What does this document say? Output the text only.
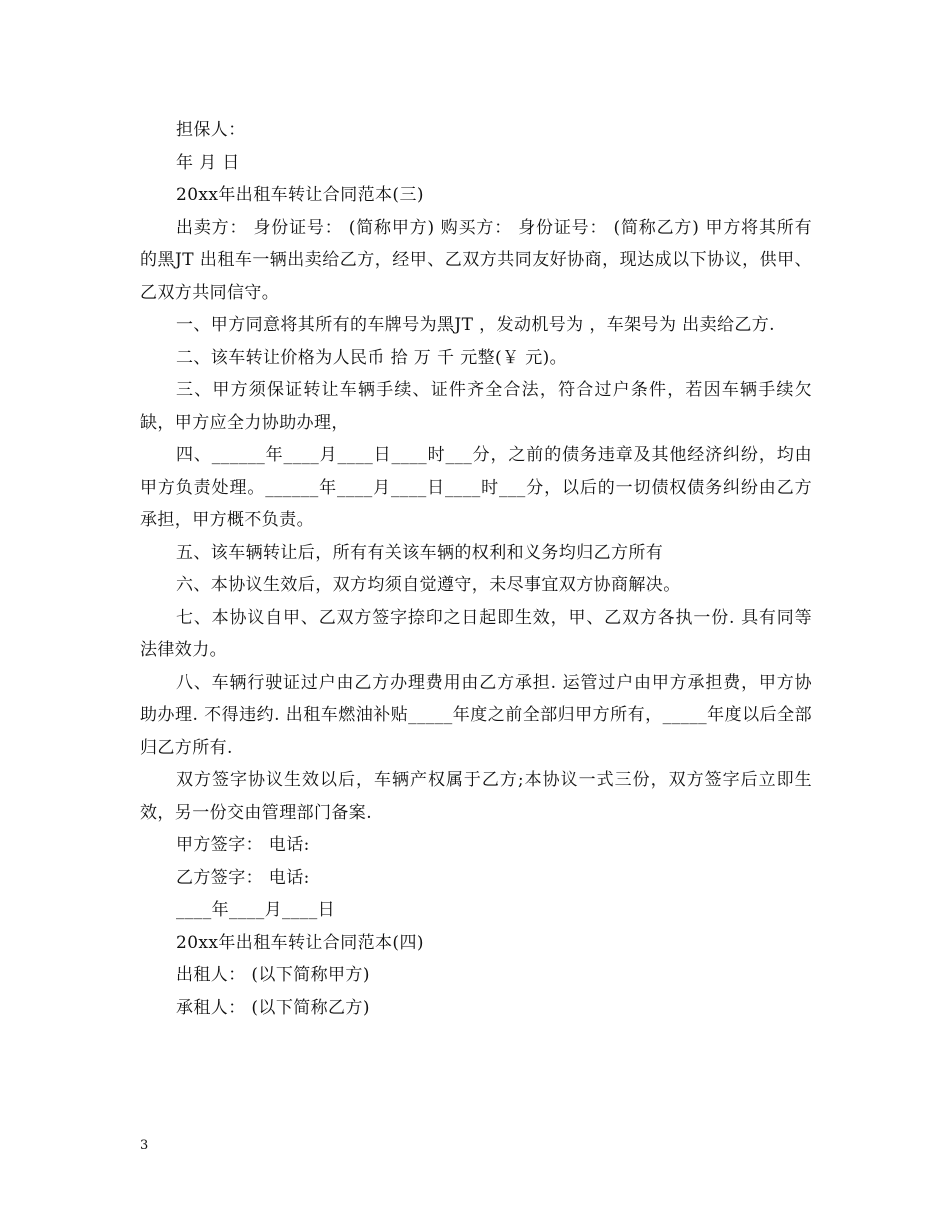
担保人：

年 月 日

20xx年出租车转让合同范本(三)

出卖方： 身份证号： (简称甲方) 购买方： 身份证号： (简称乙方) 甲方将其所有的黑JT 出租车一辆出卖给乙方，经甲、乙双方共同友好协商，现达成以下协议，供甲、乙双方共同信守。

一、甲方同意将其所有的车牌号为黑JT ，发动机号为 ，车架号为 出卖给乙方.

二、该车转让价格为人民币 拾 万 千 元整(￥ 元)。

三、甲方须保证转让车辆手续、证件齐全合法，符合过户条件，若因车辆手续欠缺，甲方应全力协助办理，

四、______年____月____日____时___分，之前的债务违章及其他经济纠纷，均由甲方负责处理。______年____月____日____时___分，以后的一切债权债务纠纷由乙方承担，甲方概不负责。

五、该车辆转让后，所有有关该车辆的权利和义务均归乙方所有

六、本协议生效后，双方均须自觉遵守，未尽事宜双方协商解决。

七、本协议自甲、乙双方签字捺印之日起即生效，甲、乙双方各执一份. 具有同等法律效力。

八、车辆行驶证过户由乙方办理费用由乙方承担. 运管过户由甲方承担费，甲方协助办理. 不得违约. 出租车燃油补贴_____年度之前全部归甲方所有，_____年度以后全部归乙方所有.

双方签字协议生效以后，车辆产权属于乙方;本协议一式三份，双方签字后立即生效，另一份交由管理部门备案.

甲方签字： 电话:

乙方签字： 电话:

____年____月____日

20xx年出租车转让合同范本(四)

出租人： (以下简称甲方)

承租人： (以下简称乙方)

3
